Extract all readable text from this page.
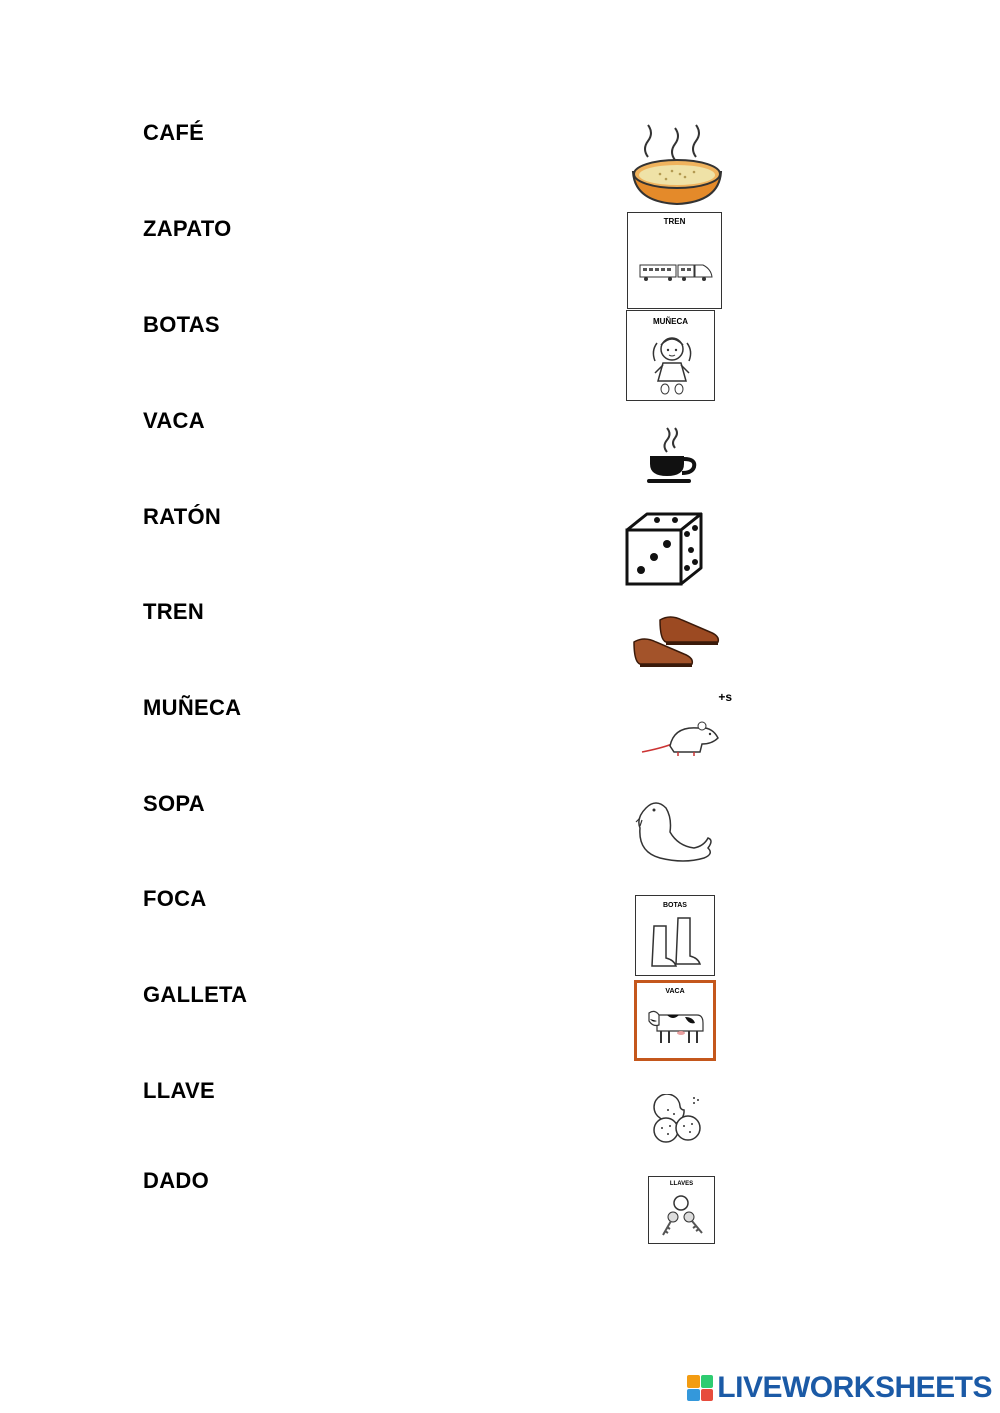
CAFÉ

ZAPATO

BOTAS

VACA

RATÓN

TREN

MUÑECA

SOPA

FOCA

GALLETA

LLAVE

DADO

TREN
MUÑECA
+s
BOTAS
VACA
LLAVES
LIVEWORKSHEETS
